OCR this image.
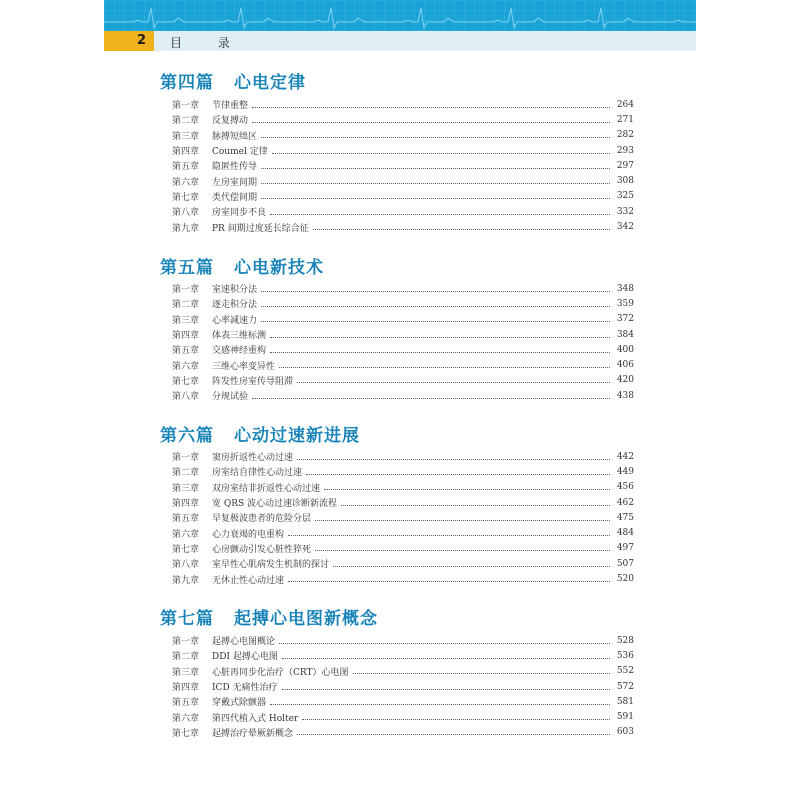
2 目 录
第四篇 心电定律
第一章	节律重整	264
第二章	反复搏动	271
第三章	脉搏短绌区	282
第四章	Coumel 定律	293
第五章	隐匿性传导	297
第六章	左房室间期	308
第七章	类代偿间期	325
第八章	房室同步不良	332
第九章	PR 间期过度延长综合征	342
第五篇 心电新技术
第一章	室速积分法	348
第二章	逐走积分法	359
第三章	心率减速力	372
第四章	体表三维标测	384
第五章	交感神经重构	400
第六章	三维心率变异性	406
第七章	阵发性房室传导阻滞	420
第八章	分规试验	438
第六篇 心动过速新进展
第一章	窦房折返性心动过速	442
第二章	房室结自律性心动过速	449
第三章	双房室结非折返性心动过速	456
第四章	宽 QRS 波心动过速诊断新流程	462
第五章	早复极波患者的危险分层	475
第六章	心力衰竭的电重构	484
第七章	心房颤动引发心脏性猝死	497
第八章	室早性心肌病发生机制的探讨	507
第九章	无休止性心动过速	520
第七篇 起搏心电图新概念
第一章	起搏心电图概论	528
第二章	DDI 起搏心电图	536
第三章	心脏再同步化治疗（CRT）心电图	552
第四章	ICD 无痛性治疗	572
第五章	穿戴式除颤器	581
第六章	第四代植入式 Holter	591
第七章	起搏治疗晕厥新概念	603
